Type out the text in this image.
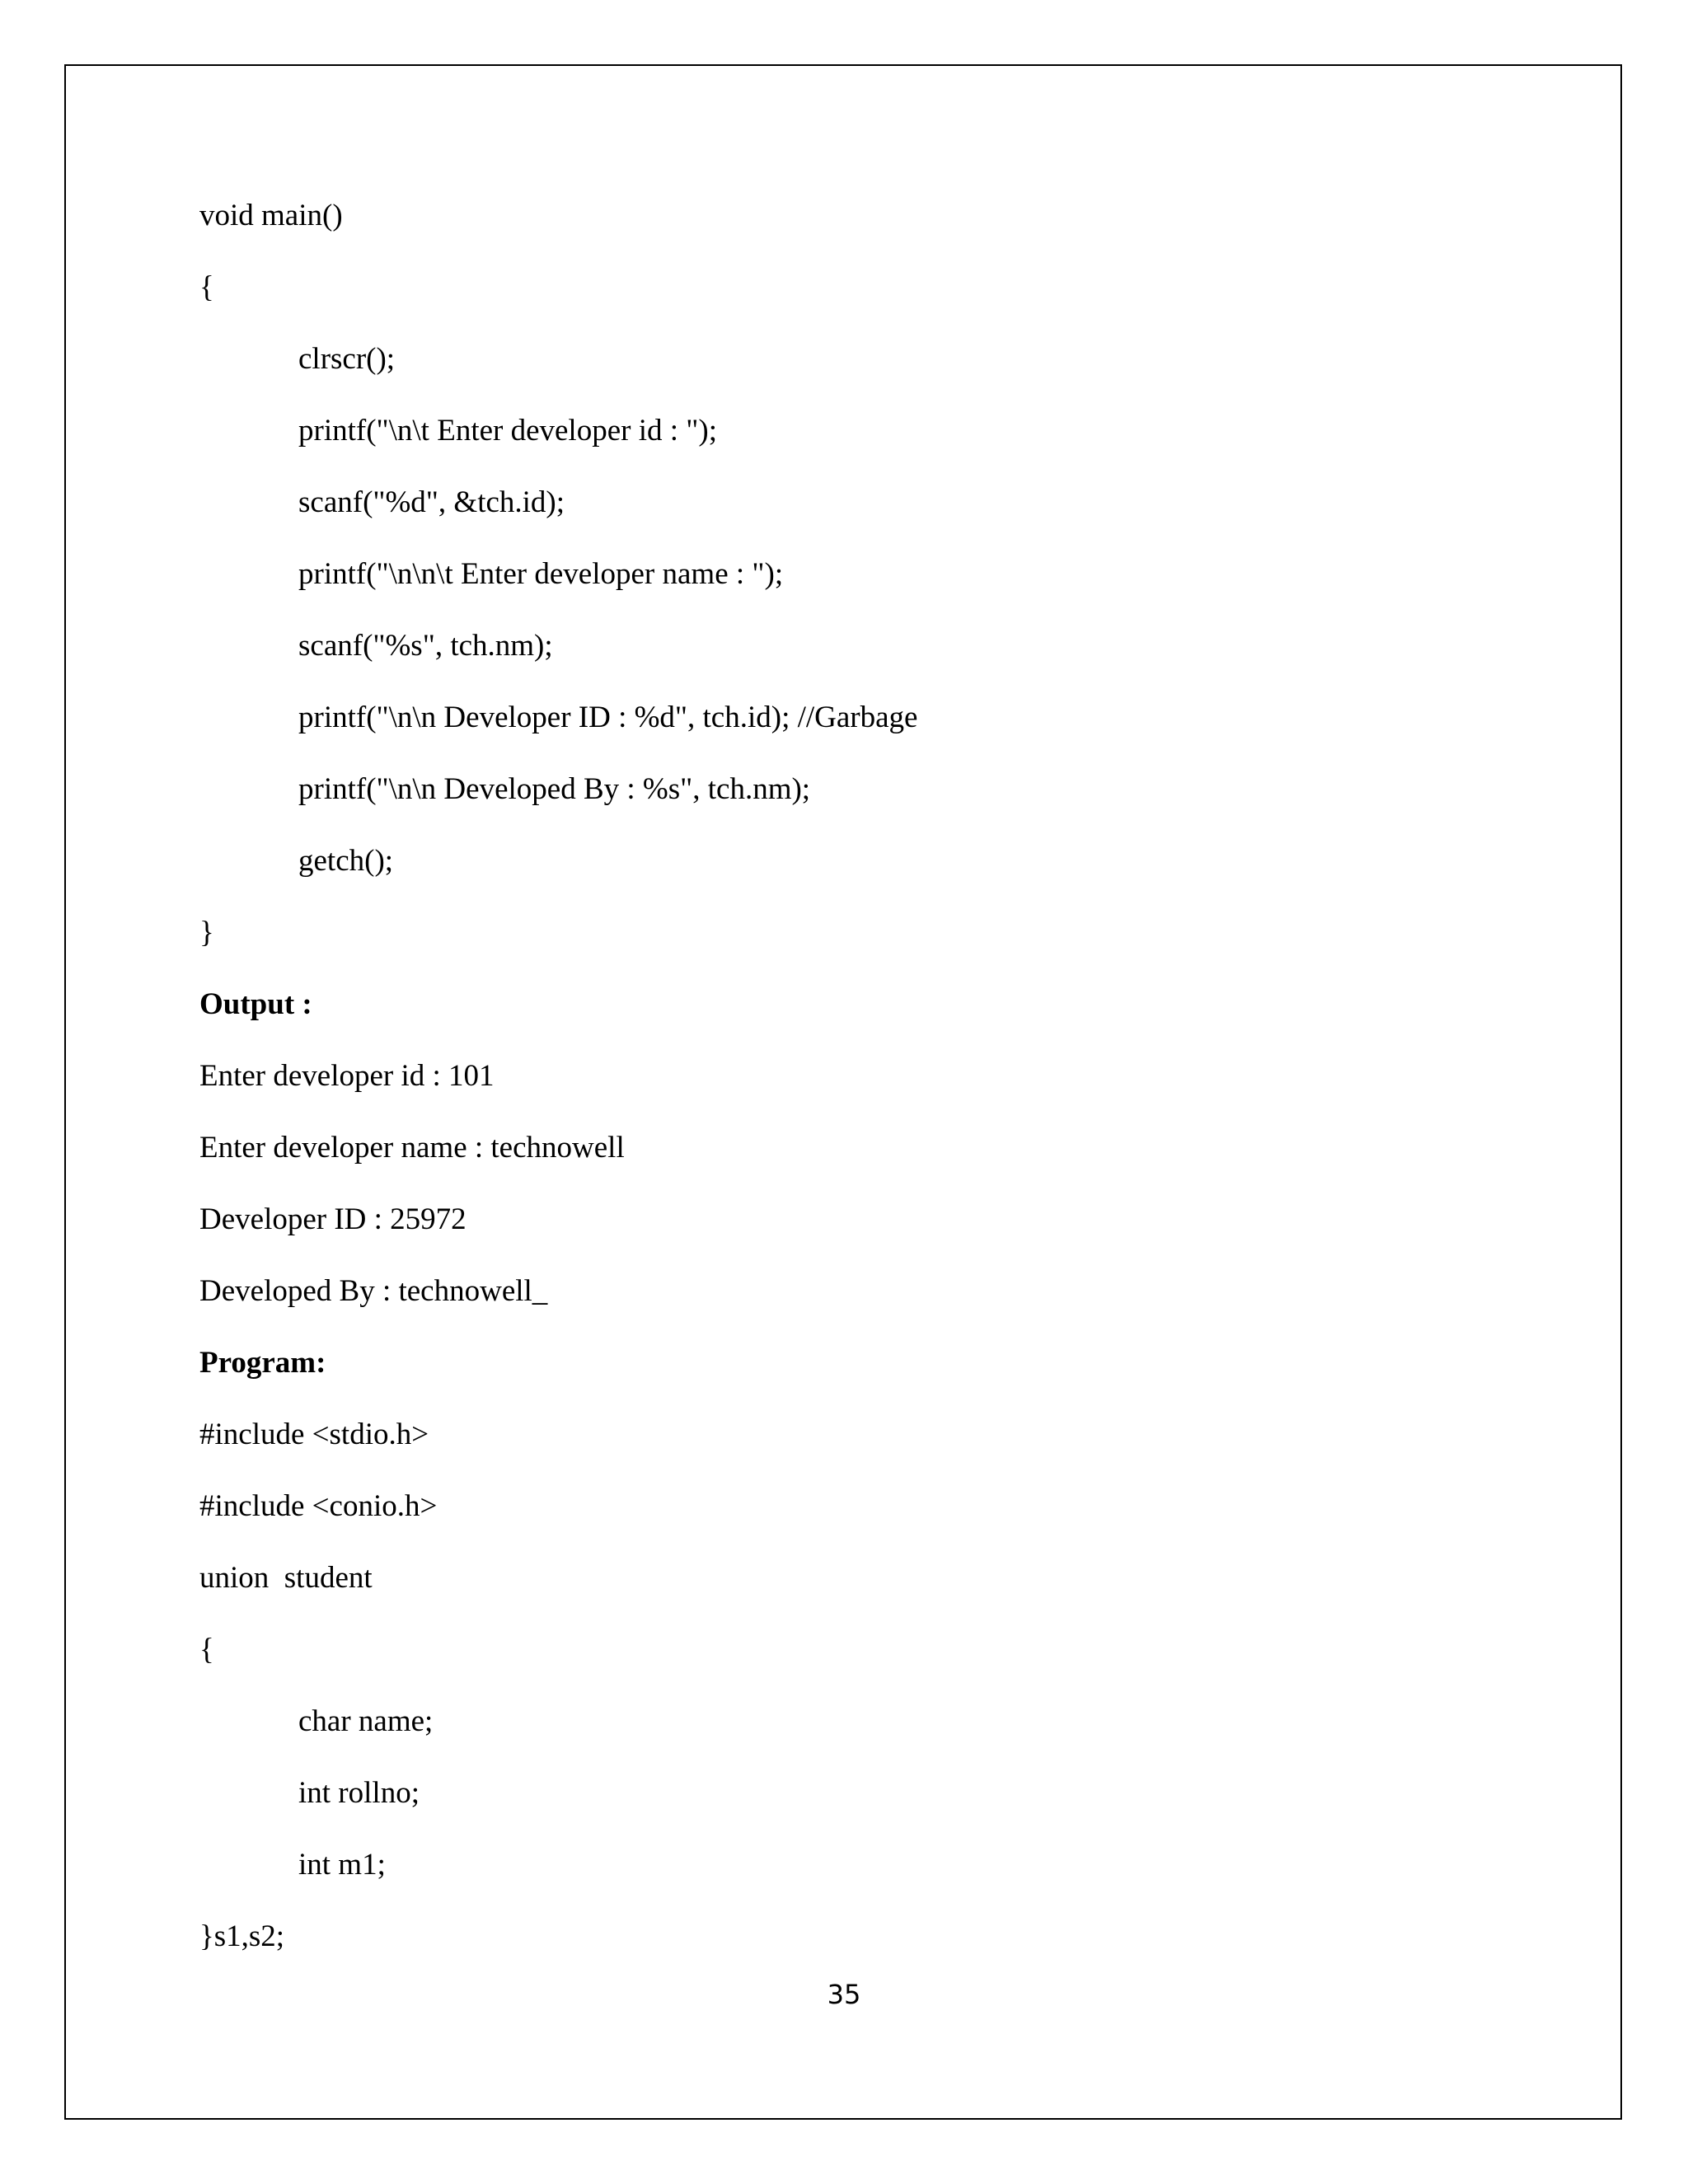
void main()
{
clrscr();
printf("\n\t Enter developer id : ");
scanf("%d", &tch.id);
printf("\n\n\t Enter developer name : ");
scanf("%s", tch.nm);
printf("\n\n Developer ID : %d", tch.id); //Garbage
printf("\n\n Developed By : %s", tch.nm);
getch();
}
Output :
Enter developer id : 101
Enter developer name : technowell
Developer ID : 25972
Developed By : technowell_
Program:
#include <stdio.h>
#include <conio.h>
union  student
{
char name;
int rollno;
int m1;
}s1,s2;
35
